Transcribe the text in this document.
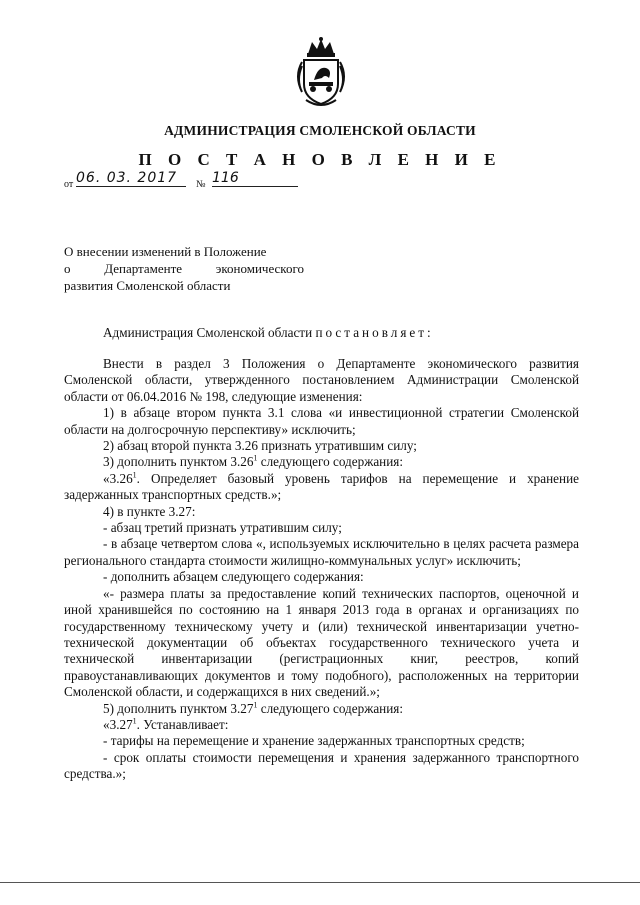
АДМИНИСТРАЦИЯ СМОЛЕНСКОЙ ОБЛАСТИ
П О С Т А Н О В Л Е Н И Е
от 06. 03. 2017	№ 116
О внесении изменений в Положение
о	Департаменте	экономического
развития Смоленской области
Администрация Смоленской области постановляет:

Внести в раздел 3 Положения о Департаменте экономического развития Смоленской области, утвержденного постановлением Администрации Смоленской области от 06.04.2016 № 198, следующие изменения:

1) в абзаце втором пункта 3.1 слова «и инвестиционной стратегии Смоленской области на долгосрочную перспективу» исключить;

2) абзац второй пункта 3.26 признать утратившим силу;

3) дополнить пунктом 3.26$^1$ следующего содержания:

«3.26$^1$. Определяет базовый уровень тарифов на перемещение и хранение задержанных транспортных средств.»;

4) в пункте 3.27:

- абзац третий признать утратившим силу;

- в абзаце четвертом слова «, используемых исключительно в целях расчета размера регионального стандарта стоимости жилищно-коммунальных услуг» исключить;

- дополнить абзацем следующего содержания:

«- размера платы за предоставление копий технических паспортов, оценочной и иной хранившейся по состоянию на 1 января 2013 года в органах и организациях по государственному техническому учету и (или) технической инвентаризации учетно-технической документации об объектах государственного технического учета и технической инвентаризации (регистрационных книг, реестров, копий правоустанавливающих документов и тому подобного), расположенных на территории Смоленской области, и содержащихся в них сведений.»;

5) дополнить пунктом 3.27$^1$ следующего содержания:

«3.27$^1$. Устанавливает:

- тарифы на перемещение и хранение задержанных транспортных средств;

- срок оплаты стоимости перемещения и хранения задержанного транспортного средства.»;
